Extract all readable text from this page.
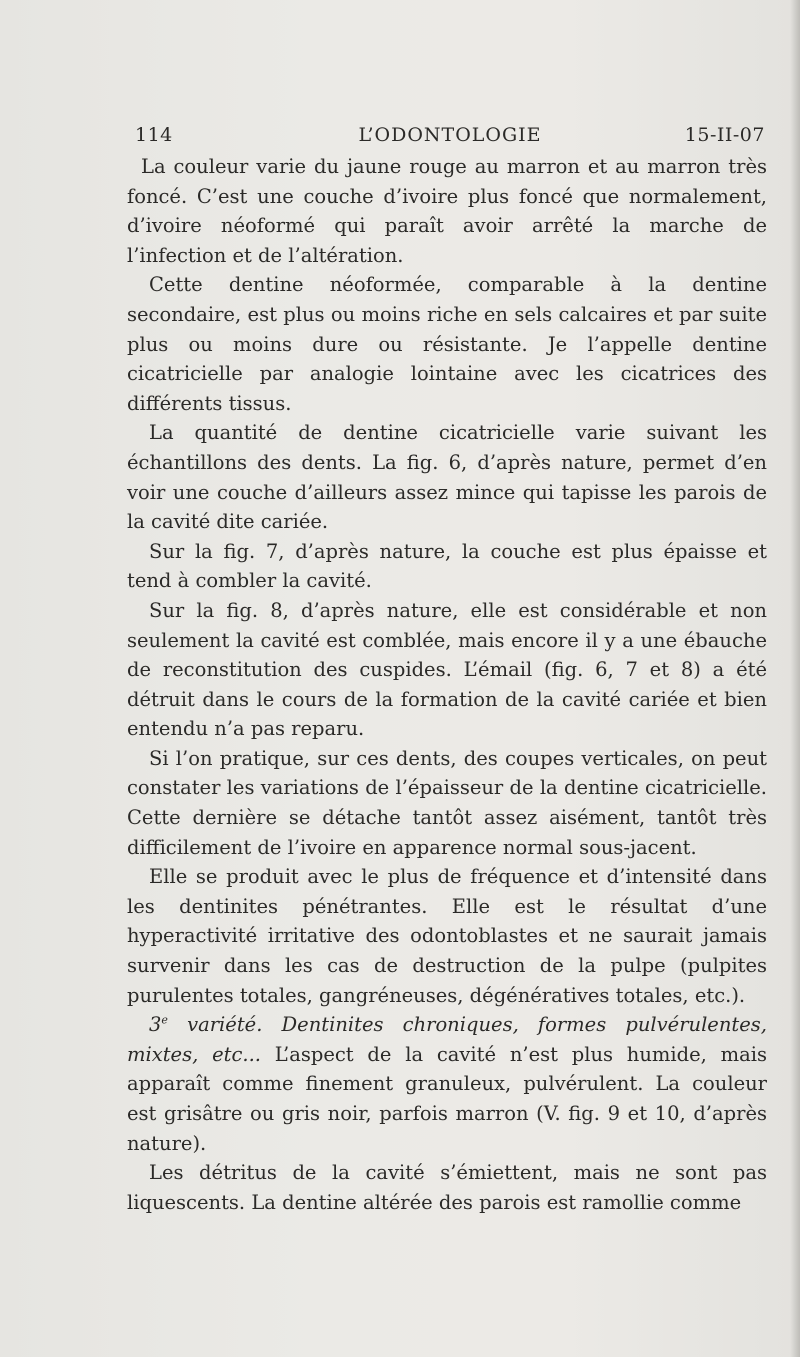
114	L’ODONTOLOGIE	15-II-07

La couleur varie du jaune rouge au marron et au marron très foncé. C’est une couche d’ivoire plus foncé que normalement, d’ivoire néoformé qui paraît avoir arrêté la marche de l’infection et de l’altération.

Cette dentine néoformée, comparable à la dentine secondaire, est plus ou moins riche en sels calcaires et par suite plus ou moins dure ou résistante. Je l’appelle dentine cicatricielle par analogie lointaine avec les cicatrices des différents tissus.

La quantité de dentine cicatricielle varie suivant les échantillons des dents. La fig. 6, d’après nature, permet d’en voir une couche d’ailleurs assez mince qui tapisse les parois de la cavité dite cariée.

Sur la fig. 7, d’après nature, la couche est plus épaisse et tend à combler la cavité.

Sur la fig. 8, d’après nature, elle est considérable et non seulement la cavité est comblée, mais encore il y a une ébauche de reconstitution des cuspides. L’émail (fig. 6, 7 et 8) a été détruit dans le cours de la formation de la cavité cariée et bien entendu n’a pas reparu.

Si l’on pratique, sur ces dents, des coupes verticales, on peut constater les variations de l’épaisseur de la dentine cicatricielle. Cette dernière se détache tantôt assez aisément, tantôt très difficilement de l’ivoire en apparence normal sous-jacent.

Elle se produit avec le plus de fréquence et d’intensité dans les dentinites pénétrantes. Elle est le résultat d’une hyperactivité irritative des odontoblastes et ne saurait jamais survenir dans les cas de destruction de la pulpe (pulpites purulentes totales, gangréneuses, dégénératives totales, etc.).

3e variété. Dentinites chroniques, formes pulvérulentes, mixtes, etc... L’aspect de la cavité n’est plus humide, mais apparaît comme finement granuleux, pulvérulent. La couleur est grisâtre ou gris noir, parfois marron (V. fig. 9 et 10, d’après nature).

Les détritus de la cavité s’émiettent, mais ne sont pas liquescents. La dentine altérée des parois est ramollie comme
